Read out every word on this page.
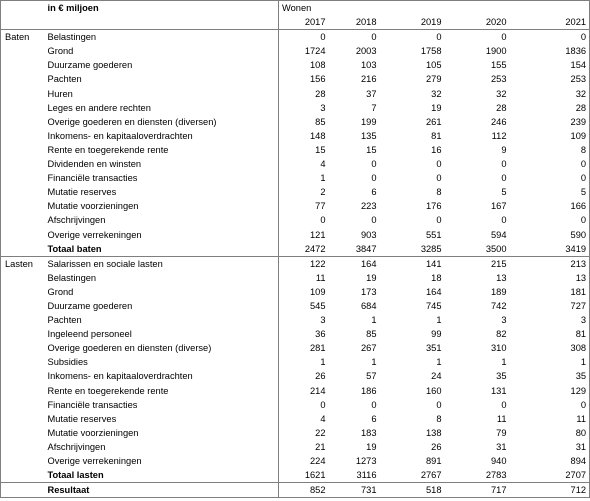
	in € miljoen	Wonen				
		2017	2018	2019	2020	2021
Baten	Belastingen	0	0	0	0	0
	Grond	1724	2003	1758	1900	1836
	Duurzame goederen	108	103	105	155	154
	Pachten	156	216	279	253	253
	Huren	28	37	32	32	32
	Leges en andere rechten	3	7	19	28	28
	Overige goederen en diensten (diversen)	85	199	261	246	239
	Inkomens- en kapitaaloverdrachten	148	135	81	112	109
	Rente en toegerekende rente	15	15	16	9	8
	Dividenden en winsten	4	0	0	0	0
	Financiële transacties	1	0	0	0	0
	Mutatie reserves	2	6	8	5	5
	Mutatie voorzieningen	77	223	176	167	166
	Afschrijvingen	0	0	0	0	0
	Overige verrekeningen	121	903	551	594	590
	Totaal baten	2472	3847	3285	3500	3419
Lasten	Salarissen en sociale lasten	122	164	141	215	213
	Belastingen	11	19	18	13	13
	Grond	109	173	164	189	181
	Duurzame goederen	545	684	745	742	727
	Pachten	3	1	1	3	3
	Ingeleend personeel	36	85	99	82	81
	Overige goederen en diensten (diverse)	281	267	351	310	308
	Subsidies	1	1	1	1	1
	Inkomens- en kapitaaloverdrachten	26	57	24	35	35
	Rente en toegerekende rente	214	186	160	131	129
	Financiële transacties	0	0	0	0	0
	Mutatie reserves	4	6	8	11	11
	Mutatie voorzieningen	22	183	138	79	80
	Afschrijvingen	21	19	26	31	31
	Overige verrekeningen	224	1273	891	940	894
	Totaal lasten	1621	3116	2767	2783	2707
	Resultaat	852	731	518	717	712
